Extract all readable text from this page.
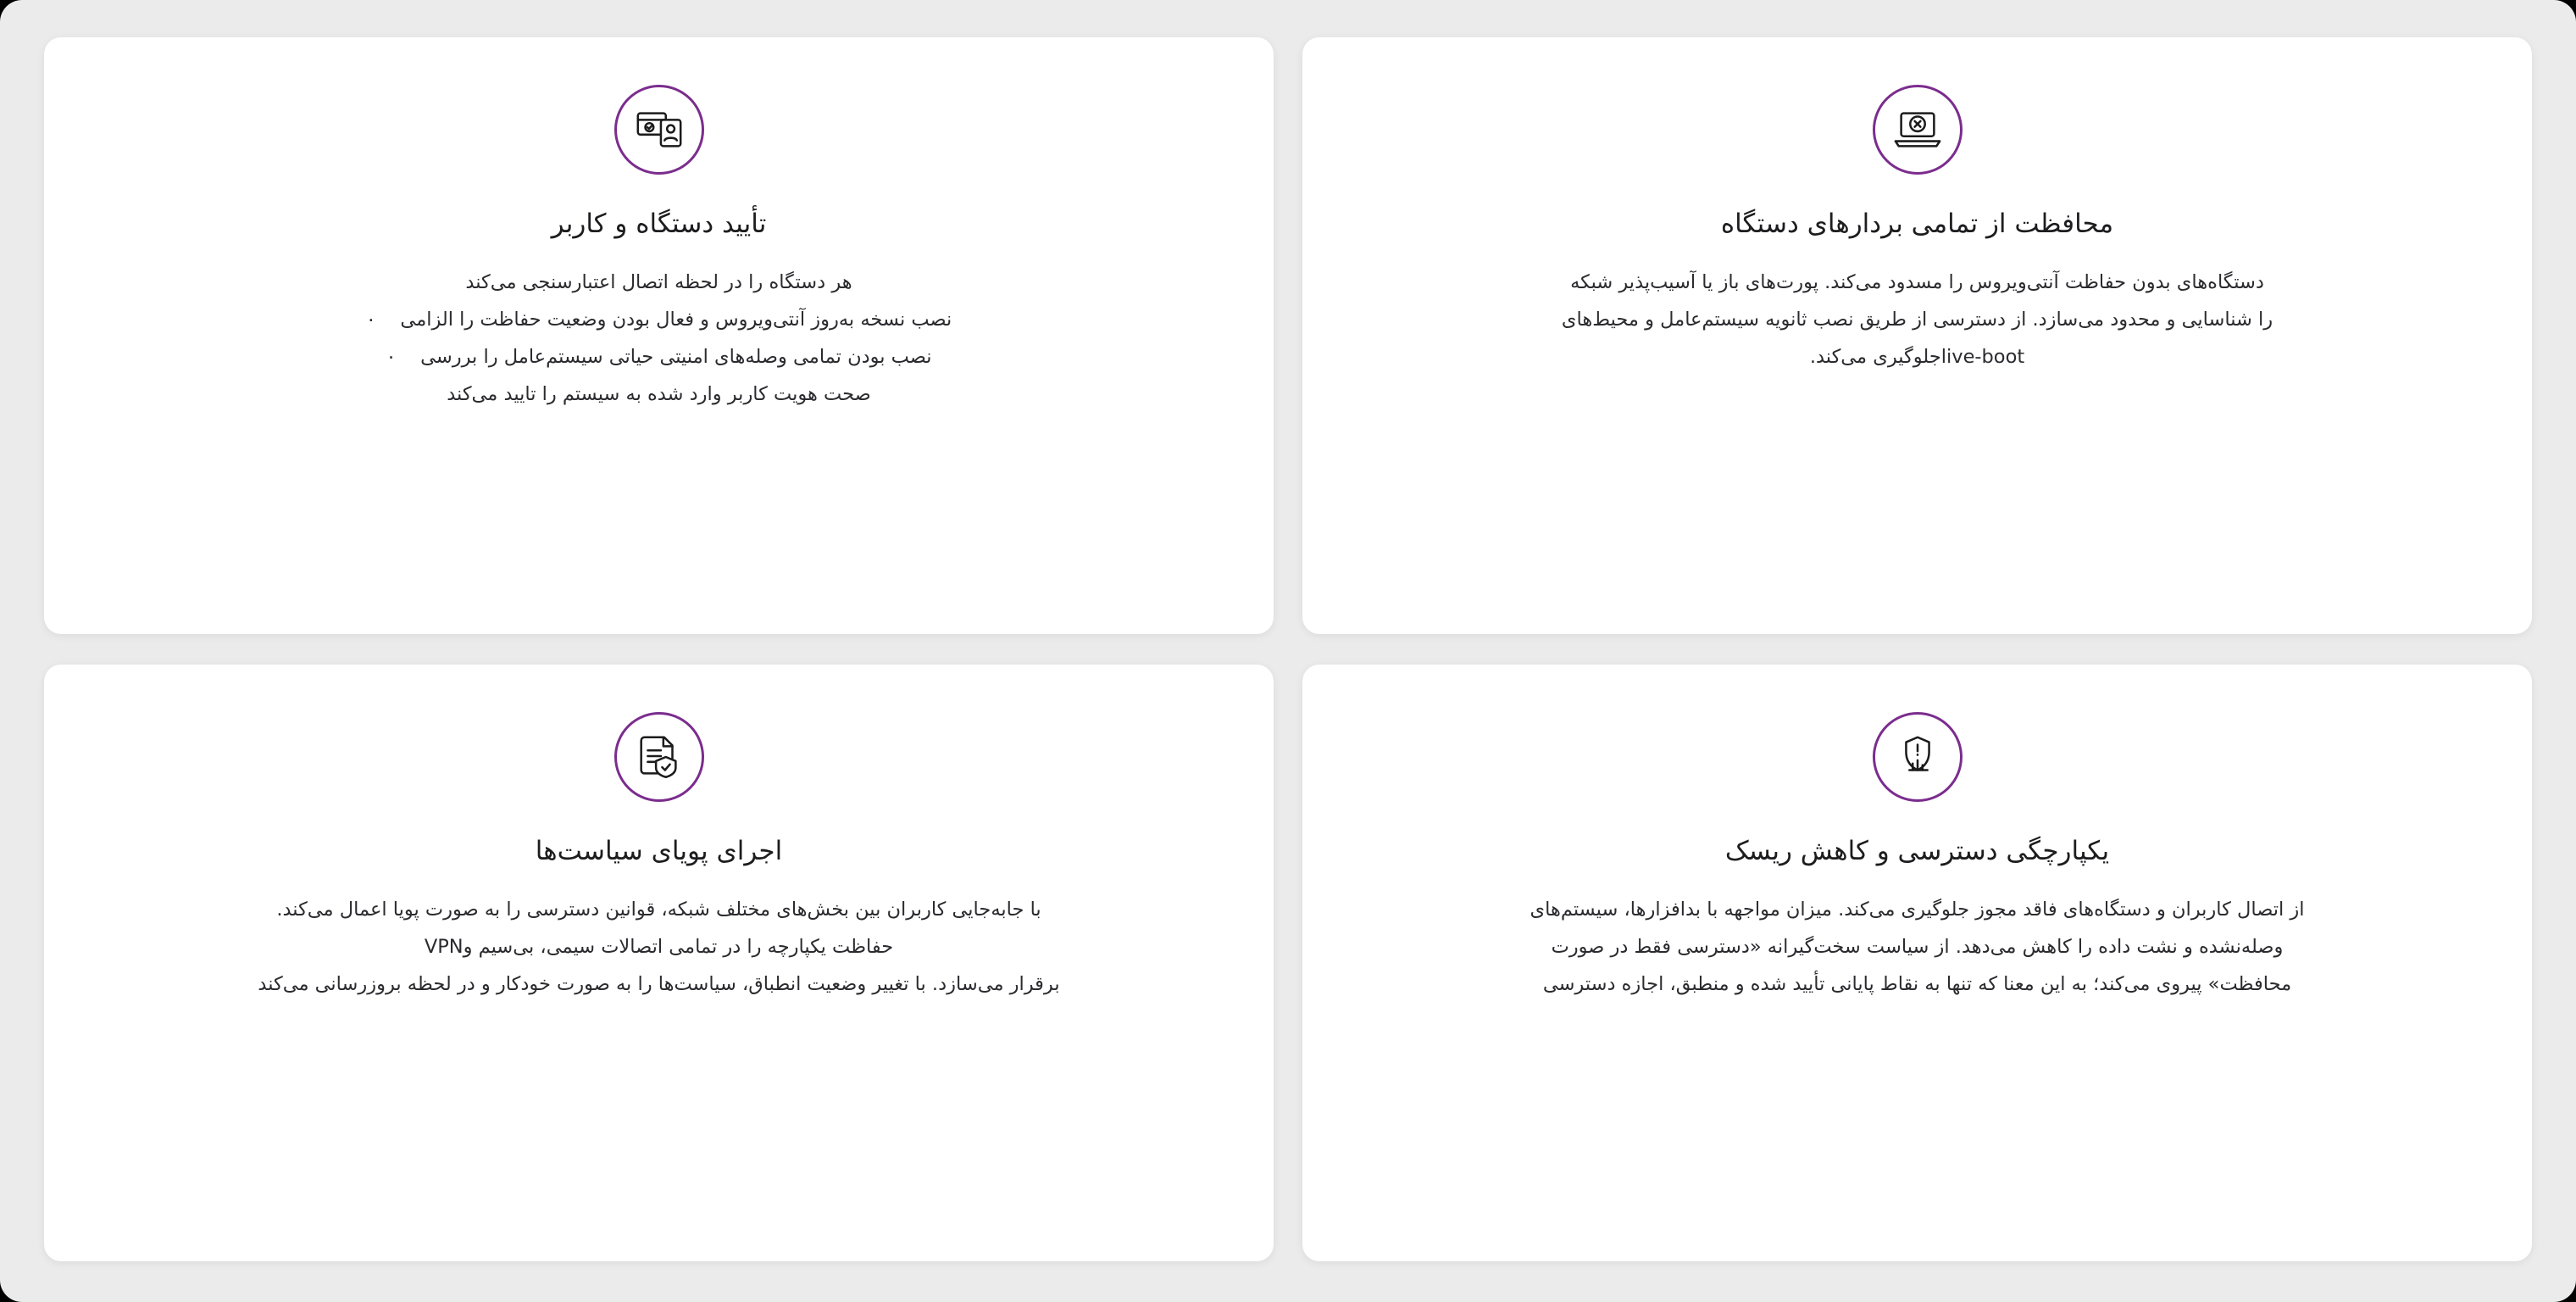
محافظت از تمامی بردارهای دستگاه
دستگاه‌های بدون حفاظت آنتی‌ویروس را مسدود می‌کند. پورت‌های باز یا آسیب‌پذیر شبکه
را شناسایی و محدود می‌سازد. از دسترسی از طریق نصب ثانویه سیستم‌عامل و محیط‌های
live-bootجلوگیری می‌کند.
تأیید دستگاه و کاربر
هر دستگاه را در لحظه اتصال اعتبارسنجی می‌کند
نصب نسخه به‌روز آنتی‌ویروس و فعال بودن وضعیت حفاظت را الزامی    ٠
نصب بودن تمامی وصله‌های امنیتی حیاتی سیستم‌عامل را بررسی    ٠
صحت هویت کاربر وارد شده به سیستم را تایید می‌کند
یکپارچگی دسترسی و کاهش ریسک
از اتصال کاربران و دستگاه‌های فاقد مجوز جلوگیری می‌کند. میزان مواجهه با بدافزارها، سیستم‌های
وصله‌نشده و نشت داده را کاهش می‌دهد. از سیاست سخت‌گیرانه «دسترسی فقط در صورت
محافظت» پیروی می‌کند؛ به این معنا که تنها به نقاط پایانی تأیید شده و منطبق، اجازه دسترسی
اجرای پویای سیاست‌ها
با جابه‌جایی کاربران بین بخش‌های مختلف شبکه، قوانین دسترسی را به صورت پویا اعمال می‌کند.
حفاظت یکپارچه را در تمامی اتصالات سیمی، بی‌سیم وVPN
برقرار می‌سازد. با تغییر وضعیت انطباق، سیاست‌ها را به صورت خودکار و در لحظه بروزرسانی می‌کند
